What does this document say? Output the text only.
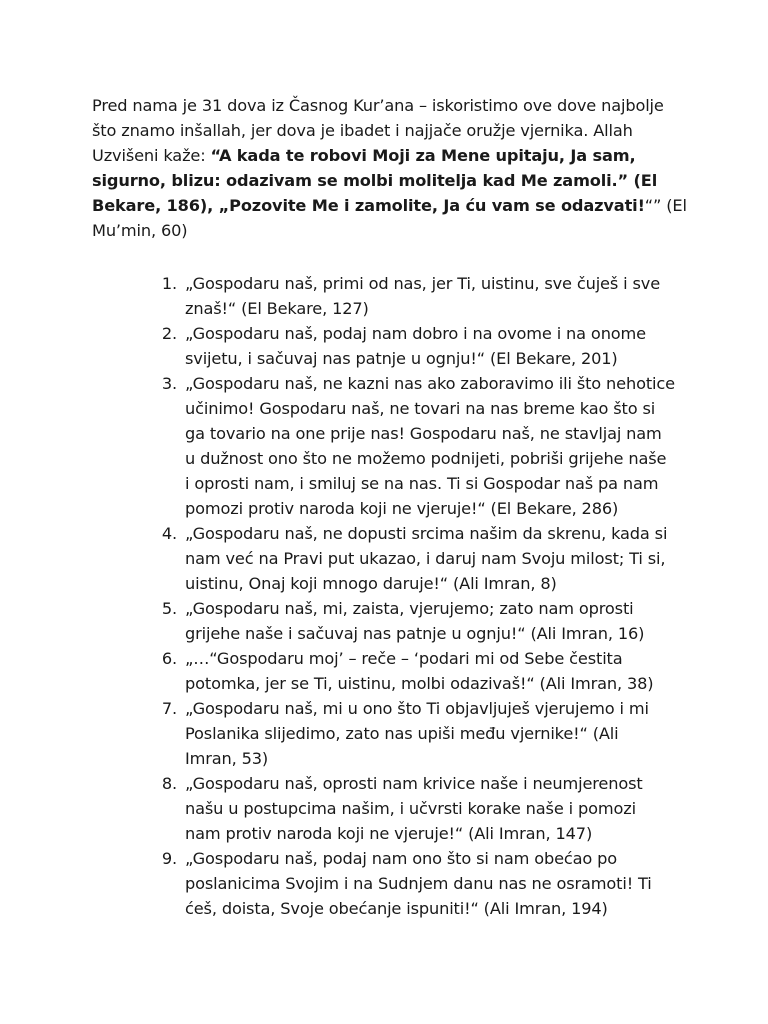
Pred nama je 31 dova iz Časnog Kur’ana – iskoristimo ove dove najbolje što znamo inšallah, jer dova je ibadet i najjače oružje vjernika. Allah Uzvišeni kaže: “A kada te robovi Moji za Mene upitaju, Ja sam, sigurno, blizu: odazivam se molbi molitelja kad Me zamoli.” (El Bekare, 186), „Pozovite Me i zamolite, Ja ću vam se odazvati!“” (El Mu’min, 60)

1. „Gospodaru naš, primi od nas, jer Ti, uistinu, sve čuješ i sve znaš!“ (El Bekare, 127)
2. „Gospodaru naš, podaj nam dobro i na ovome i na onome svijetu, i sačuvaj nas patnje u ognju!“ (El Bekare, 201)
3. „Gospodaru naš, ne kazni nas ako zaboravimo ili što nehotice učinimo! Gospodaru naš, ne tovari na nas breme kao što si ga tovario na one prije nas! Gospodaru naš, ne stavljaj nam u dužnost ono što ne možemo podnijeti, pobriši grijehe naše i oprosti nam, i smiluj se na nas. Ti si Gospodar naš pa nam pomozi protiv naroda koji ne vjeruje!“ (El Bekare, 286)
4. „Gospodaru naš, ne dopusti srcima našim da skrenu, kada si nam već na Pravi put ukazao, i daruj nam Svoju milost; Ti si, uistinu, Onaj koji mnogo daruje!“ (Ali Imran, 8)
5. „Gospodaru naš, mi, zaista, vjerujemo; zato nam oprosti grijehe naše i sačuvaj nas patnje u ognju!“ (Ali Imran, 16)
6. „…“Gospodaru moj’ – reče – ‘podari mi od Sebe čestita potomka, jer se Ti, uistinu, molbi odazivaš!“ (Ali Imran, 38)
7. „Gospodaru naš, mi u ono što Ti objavljuješ vjerujemo i mi Poslanika slijedimo, zato nas upiši među vjernike!“ (Ali Imran, 53)
8. „Gospodaru naš, oprosti nam krivice naše i neumjerenost našu u postupcima našim, i učvrsti korake naše i pomozi nam protiv naroda koji ne vjeruje!“ (Ali Imran, 147)
9. „Gospodaru naš, podaj nam ono što si nam obećao po poslanicima Svojim i na Sudnjem danu nas ne osramoti! Ti ćeš, doista, Svoje obećanje ispuniti!“ (Ali Imran, 194)
